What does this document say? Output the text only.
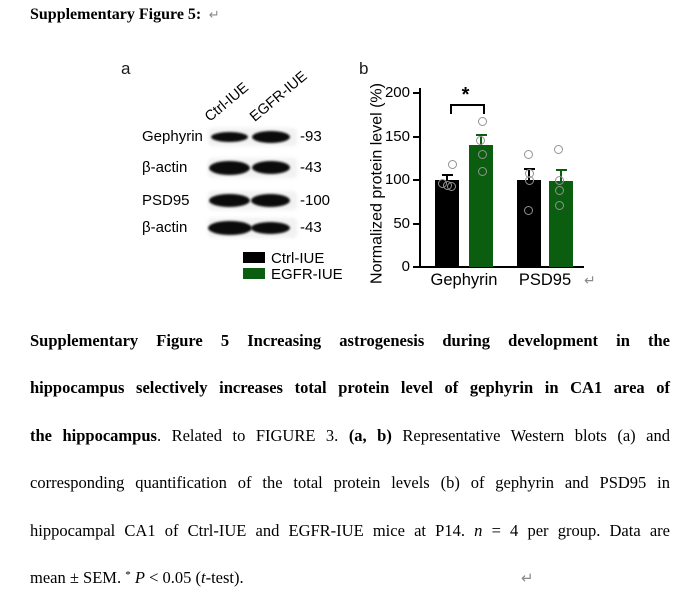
Supplementary Figure 5: ↵
a	b
Ctrl-IUE
EGFR-IUE
Gephyrin	-93
β-actin	-43
PSD95	-100
β-actin	-43
Ctrl-IUE
EGFR-IUE Normalized protein level (%)	0
50
100
150
200	*
Gephyrin	PSD95 ↵
Supplementary Figure 5 Increasing astrogenesis during development in the
hippocampus selectively increases total protein level of gephyrin in CA1 area of
the hippocampus. Related to FIGURE 3. (a, b) Representative Western blots (a) and
corresponding quantification of the total protein levels (b) of gephyrin and PSD95 in
hippocampal CA1 of Ctrl-IUE and EGFR-IUE mice at P14. n = 4 per group. Data are
mean ± SEM. * P < 0.05 (t-test).	↵
